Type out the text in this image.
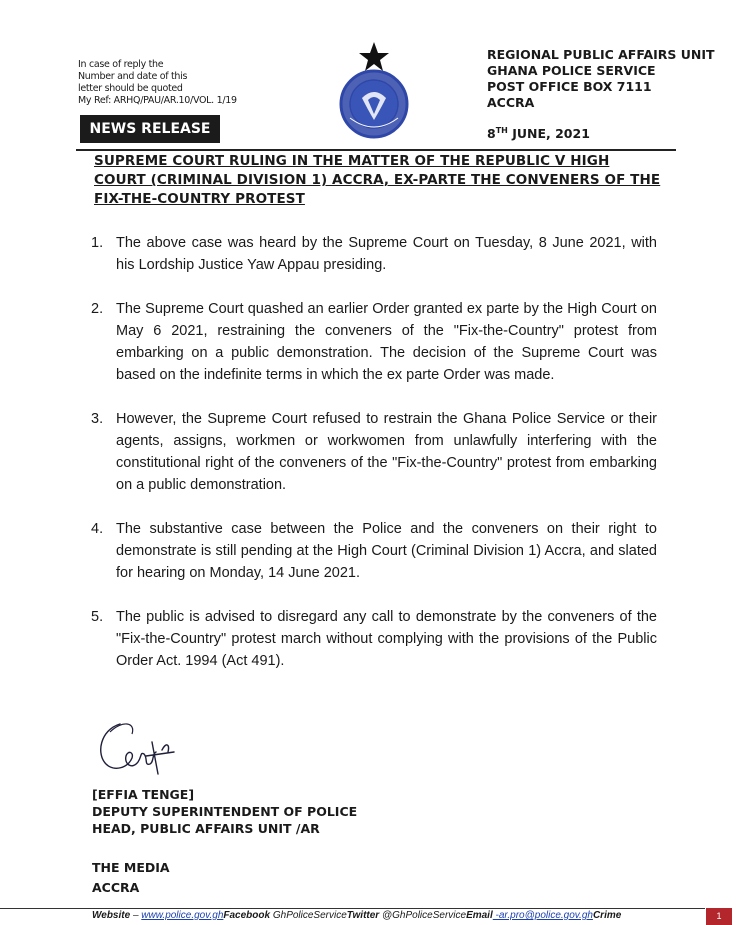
In case of reply the
Number and date of this
letter should be quoted
My Ref: ARHQ/PAU/AR.10/VOL. 1/19
NEWS RELEASE
REGIONAL PUBLIC AFFAIRS UNIT
GHANA POLICE SERVICE
POST OFFICE BOX 7111
ACCRA
8TH JUNE, 2021
SUPREME COURT RULING IN THE MATTER OF THE REPUBLIC V HIGH COURT (CRIMINAL DIVISION 1) ACCRA, EX-PARTE THE CONVENERS OF THE FIX-THE-COUNTRY PROTEST
1. The above case was heard by the Supreme Court on Tuesday, 8 June 2021, with his Lordship Justice Yaw Appau presiding.
2. The Supreme Court quashed an earlier Order granted ex parte by the High Court on May 6 2021, restraining the conveners of the "Fix-the-Country" protest from embarking on a public demonstration. The decision of the Supreme Court was based on the indefinite terms in which the ex parte Order was made.
3. However, the Supreme Court refused to restrain the Ghana Police Service or their agents, assigns, workmen or workwomen from unlawfully interfering with the constitutional right of the conveners of the "Fix-the-Country" protest from embarking on a public demonstration.
4. The substantive case between the Police and the conveners on their right to demonstrate is still pending at the High Court (Criminal Division 1) Accra, and slated for hearing on Monday, 14 June 2021.
5. The public is advised to disregard any call to demonstrate by the conveners of the "Fix-the-Country" protest march without complying with the provisions of the Public Order Act. 1994 (Act 491).
[EFFIA TENGE]
DEPUTY SUPERINTENDENT OF POLICE
HEAD, PUBLIC AFFAIRS UNIT /AR
THE MEDIA
ACCRA
Website – www.police.gov.ghFacebook GhPoliceServiceTwitter @GhPoliceServiceEmail -ar.pro@police.gov.ghCrime	1
